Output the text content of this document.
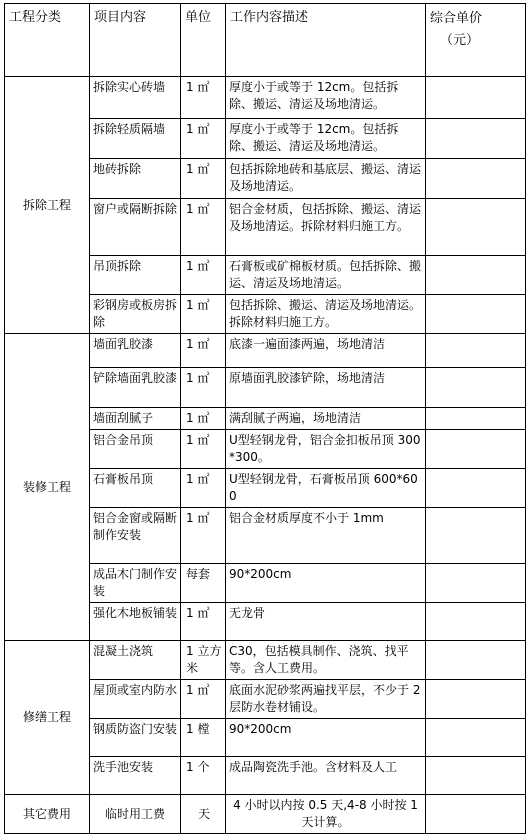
工程分类	项目内容	单位	工作内容描述	综合单价
（元）

拆除工程	拆除实心砖墙	1 ㎡	厚度小于或等于 12cm。包括拆除、搬运、清运及场地清运。	
	拆除轻质隔墙	1 ㎡	厚度小于或等于 12cm。包括拆除、搬运、清运及场地清运。	
	地砖拆除	1 ㎡	包括拆除地砖和基底层、搬运、清运及场地清运。	
	窗户或隔断拆除	1 ㎡	铝合金材质，包括拆除、搬运、清运及场地清运。拆除材料归施工方。	
	吊顶拆除	1 ㎡	石膏板或矿棉板材质。包括拆除、搬运、清运及场地清运。	
	彩钢房或板房拆除	1 ㎡	包括拆除、搬运、清运及场地清运。拆除材料归施工方。	
装修工程	墙面乳胶漆	1 ㎡	底漆一遍面漆两遍，场地清洁	
	铲除墙面乳胶漆	1 ㎡	原墙面乳胶漆铲除，场地清洁	
	墙面刮腻子	1 ㎡	满刮腻子两遍，场地清洁	
	铝合金吊顶	1 ㎡	U型轻钢龙骨，铝合金扣板吊顶 300*300。	
	石膏板吊顶	1 ㎡	U型轻钢龙骨，石膏板吊顶 600*600	
	铝合金窗或隔断制作安装	1 ㎡	铝合金材质厚度不小于 1mm	
	成品木门制作安装	每套	90*200cm	
	强化木地板铺装	1 ㎡	无龙骨	
修缮工程	混凝土浇筑	1 立方米	C30，包括模具制作、浇筑、找平等。含人工费用。	
	屋顶或室内防水	1 ㎡	底面水泥砂浆两遍找平层，不少于 2 层防水卷材铺设。	
	钢质防盗门安装	1 樘	90*200cm	
	洗手池安装	1 个	成品陶瓷洗手池。含材料及人工	
其它费用	临时用工费	天	4 小时以内按 0.5 天,4-8 小时按 1 天计算。	
